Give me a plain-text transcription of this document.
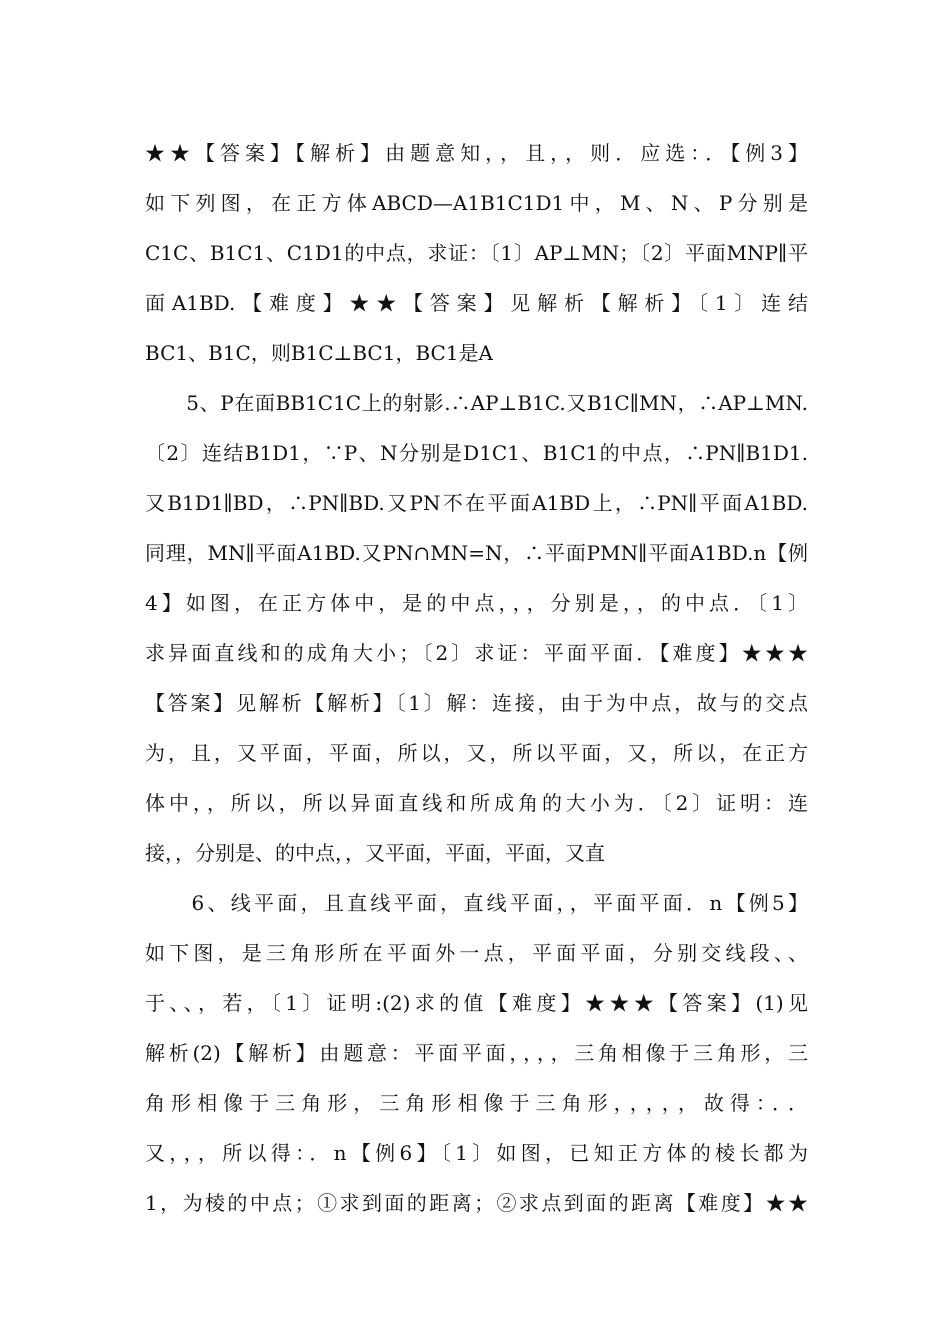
★★【答案】【解析】由题意知，，且，，则．应选：．【例3】
如下列图，在正方体ABCD—A1B1C1D1中，M、N、P分别是
C1C、B1C1、C1D1的中点，求证：〔1〕AP⊥MN；〔2〕平面MNP∥平
面A1BD.【难度】★★【答案】见解析【解析】〔1〕连结
BC1、B1C，则B1C⊥BC1，BC1是A
　　5、P在面BB1C1C上的射影.∴AP⊥B1C.又B1C∥MN，∴AP⊥MN.
〔2〕连结B1D1，∵P、N分别是D1C1、B1C1的中点，∴PN∥B1D1.
又B1D1∥BD，∴PN∥BD.又PN不在平面A1BD上，∴PN∥平面A1BD.
同理，MN∥平面A1BD.又PN∩MN=N，∴平面PMN∥平面A1BD.n【例
4】如图，在正方体中，是的中点，，，分别是，，的中点．〔1〕
求异面直线和的成角大小；〔2〕求证：平面平面．【难度】★★★
【答案】见解析【解析】〔1〕解：连接，由于为中点，故与的交点
为，且，又平面，平面，所以，又，所以平面，又，所以，在正方
体中，，所以，所以异面直线和所成角的大小为．〔2〕证明：连
接，，分别是、的中点，，又平面，平面，平面，又直
　　6、线平面，且直线平面，直线平面，，平面平面．n【例5】
如下图，是三角形所在平面外一点，平面平面，分别交线段、、
于、、，若，〔1〕证明:(2)求的值【难度】★★★【答案】(1)见
解析(2)【解析】由题意：平面平面，，，，三角相像于三角形，三
角形相像于三角形，三角形相像于三角形，，，，，故得：．．
又，，，所以得：．n【例6】〔1〕如图，已知正方体的棱长都为
1，为棱的中点；①求到面的距离；②求点到面的距离【难度】★★
